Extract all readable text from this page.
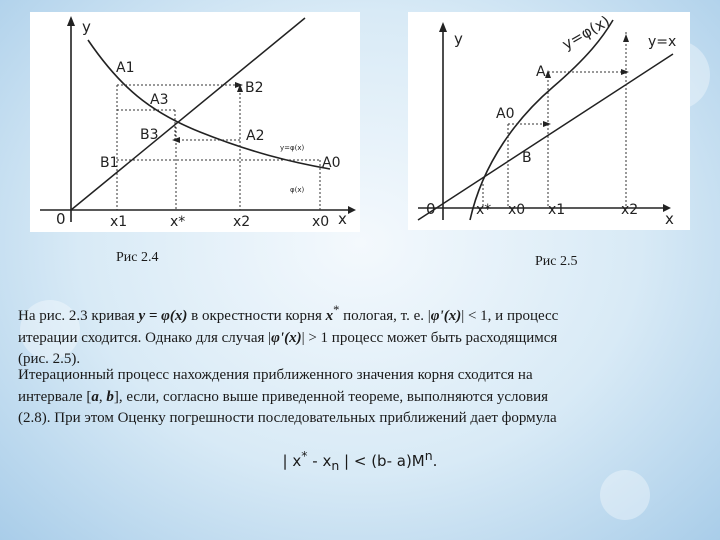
y
x
0	x1	x*	x2	x0
A1
A3
A2
A0
B2
B3
B1
y=φ(x)
φ(x)
y
x
0	x* x0 x1	x2
y=φ(x)	y=x
A
A0
B
Рис 2.4	Рис 2.5
На рис. 2.3 кривая y = φ(x) в окрестности корня x* пологая, т. е. |φ'(x)| < 1, и процесс
итерации сходится. Однако для случая |φ'(x)| > 1 процесс может быть расходящимся
(рис. 2.5).
Итерационный процесс нахождения приближенного значения корня сходится на
интервале [a, b], если, согласно выше приведенной теореме, выполняются условия
(2.8). При этом Оценку погрешности последовательных приближений дает формула
| $x^* - x_n$ | < (b- $a)M^n$.
